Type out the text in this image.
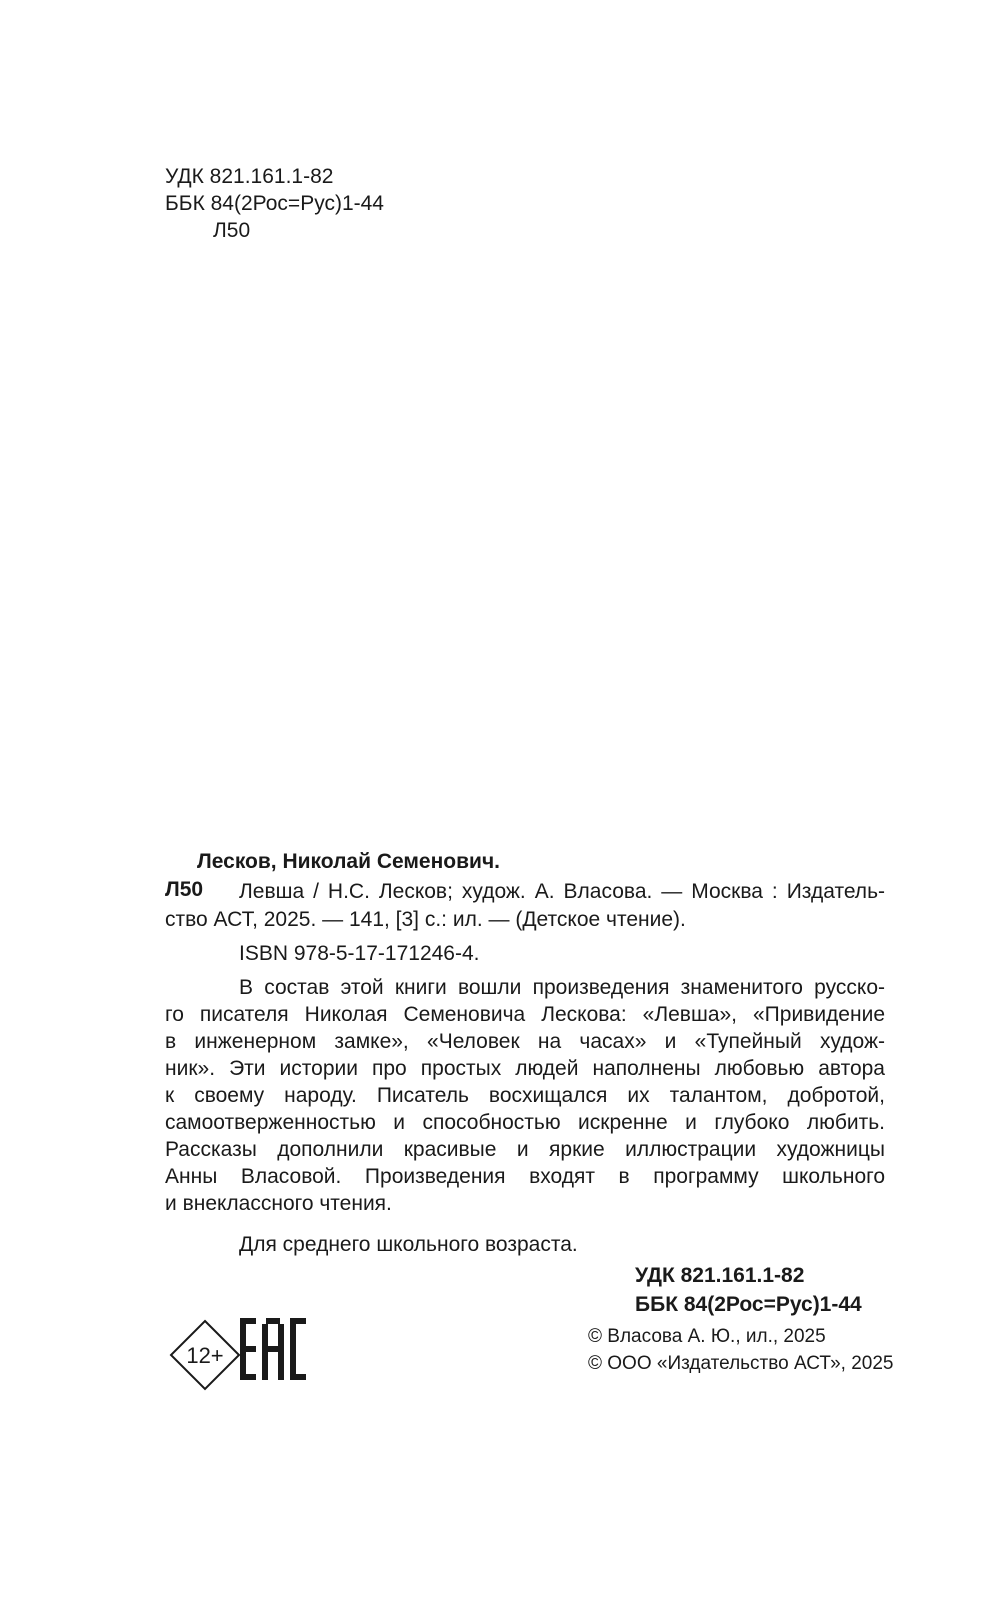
УДК 821.161.1-82
ББК 84(2Рос=Рус)1-44
Л50
Лесков, Николай Семенович.
Л50	Левша / Н.С. Лесков; худож. А. Власова. — Москва : Издатель-
ство АСТ, 2025. — 141, [3] с.: ил. — (Детское чтение).
ISBN 978-5-17-171246-4.
В состав этой книги вошли произведения знаменитого русско-
го писателя Николая Семеновича Лескова: «Левша», «Привидение
в инженерном замке», «Человек на часах» и «Тупейный худож-
ник». Эти истории про простых людей наполнены любовью автора
к своему народу. Писатель восхищался их талантом, добротой,
самоотверженностью и способностью искренне и глубоко любить.
Рассказы дополнили красивые и яркие иллюстрации художницы
Анны Власовой. Произведения входят в программу школьного
и внеклассного чтения.
Для среднего школьного возраста.
УДК 821.161.1-82
ББК 84(2Рос=Рус)1-44
12+
© Власова А. Ю., ил., 2025
© ООО «Издательство АСТ», 2025
